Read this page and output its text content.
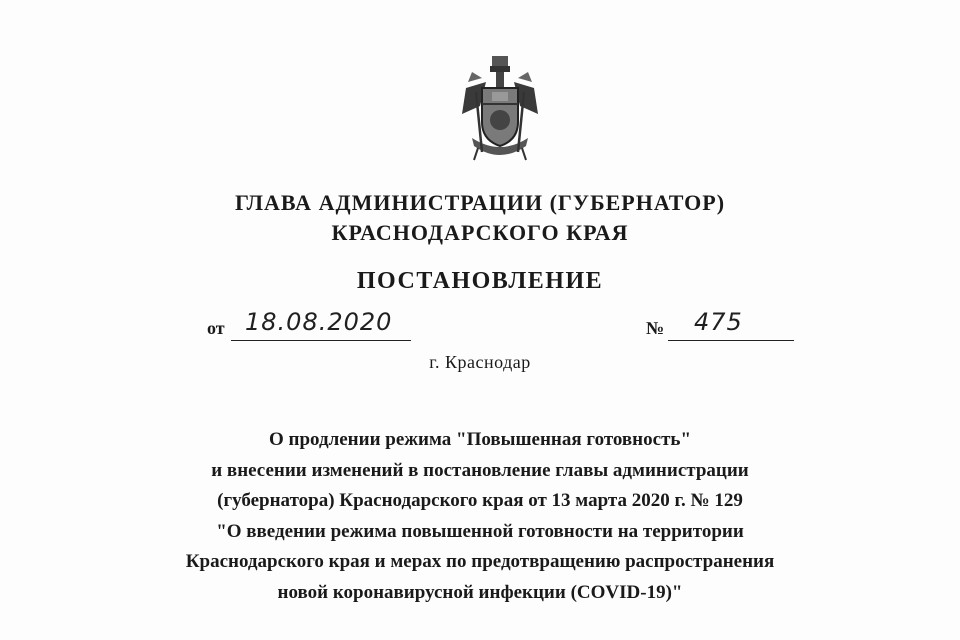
ГЛАВА АДМИНИСТРАЦИИ (ГУБЕРНАТОР)
КРАСНОДАРСКОГО КРАЯ
ПОСТАНОВЛЕНИЕ
от 18.08.2020	№ 475
г. Краснодар
О продлении режима "Повышенная готовность"
и внесении изменений в постановление главы администрации
(губернатора) Краснодарского края от 13 марта 2020 г. № 129
"О введении режима повышенной готовности на территории
Краснодарского края и мерах по предотвращению распространения
новой коронавирусной инфекции (COVID-19)"
